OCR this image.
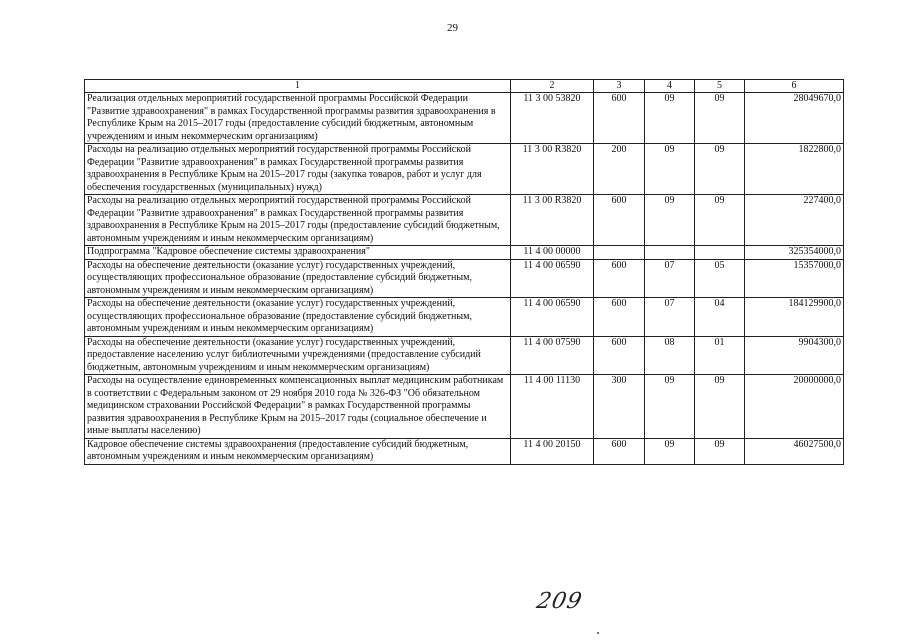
29
1	2	3	4	5	6
Реализация отдельных мероприятий государственной программы Российской Федерации "Развитие здравоохранения" в рамках Государственной программы развития здравоохранения в Республике Крым на 2015–2017 годы (предоставление субсидий бюджетным, автономным учреждениям и иным некоммерческим организациям)	11 3 00 53820	600	09	09	28049670,0
Расходы на реализацию отдельных мероприятий государственной программы Российской Федерации "Развитие здравоохранения" в рамках Государственной программы развития здравоохранения в Республике Крым на 2015–2017 годы (закупка товаров, работ и услуг для обеспечения государственных (муниципальных) нужд)	11 3 00 R3820	200	09	09	1822800,0
Расходы на реализацию отдельных мероприятий государственной программы Российской Федерации "Развитие здравоохранения" в рамках Государственной программы развития здравоохранения в Республике Крым на 2015–2017 годы (предоставление субсидий бюджетным, автономным учреждениям и иным некоммерческим организациям)	11 3 00 R3820	600	09	09	227400,0
Подпрограмма "Кадровое обеспечение системы здравоохранения"	11 4 00 00000				325354000,0
Расходы на обеспечение деятельности (оказание услуг) государственных учреждений, осуществляющих профессиональное образование (предоставление субсидий бюджетным, автономным учреждениям и иным некоммерческим организациям)	11 4 00 06590	600	07	05	15357000,0
Расходы на обеспечение деятельности (оказание услуг) государственных учреждений, осуществляющих профессиональное образование (предоставление субсидий бюджетным, автономным учреждениям и иным некоммерческим организациям)	11 4 00 06590	600	07	04	184129900,0
Расходы на обеспечение деятельности (оказание услуг) государственных учреждений, предоставление населению услуг библиотечными учреждениями (предоставление субсидий бюджетным, автономным учреждениям и иным некоммерческим организациям)	11 4 00 07590	600	08	01	9904300,0
Расходы на осуществление единовременных компенсационных выплат медицинским работникам в соответствии с Федеральным законом от 29 ноября 2010 года № 326-ФЗ "Об обязательном медицинском страховании Российской Федерации" в рамках Государственной программы развития здравоохранения в Республике Крым на 2015–2017 годы (социальное обеспечение и иные выплаты населению)	11 4 00 11130	300	09	09	20000000,0
Кадровое обеспечение системы здравоохранения (предоставление субсидий бюджетным, автономным учреждениям и иным некоммерческим организациям)	11 4 00 20150	600	09	09	46027500,0
209
